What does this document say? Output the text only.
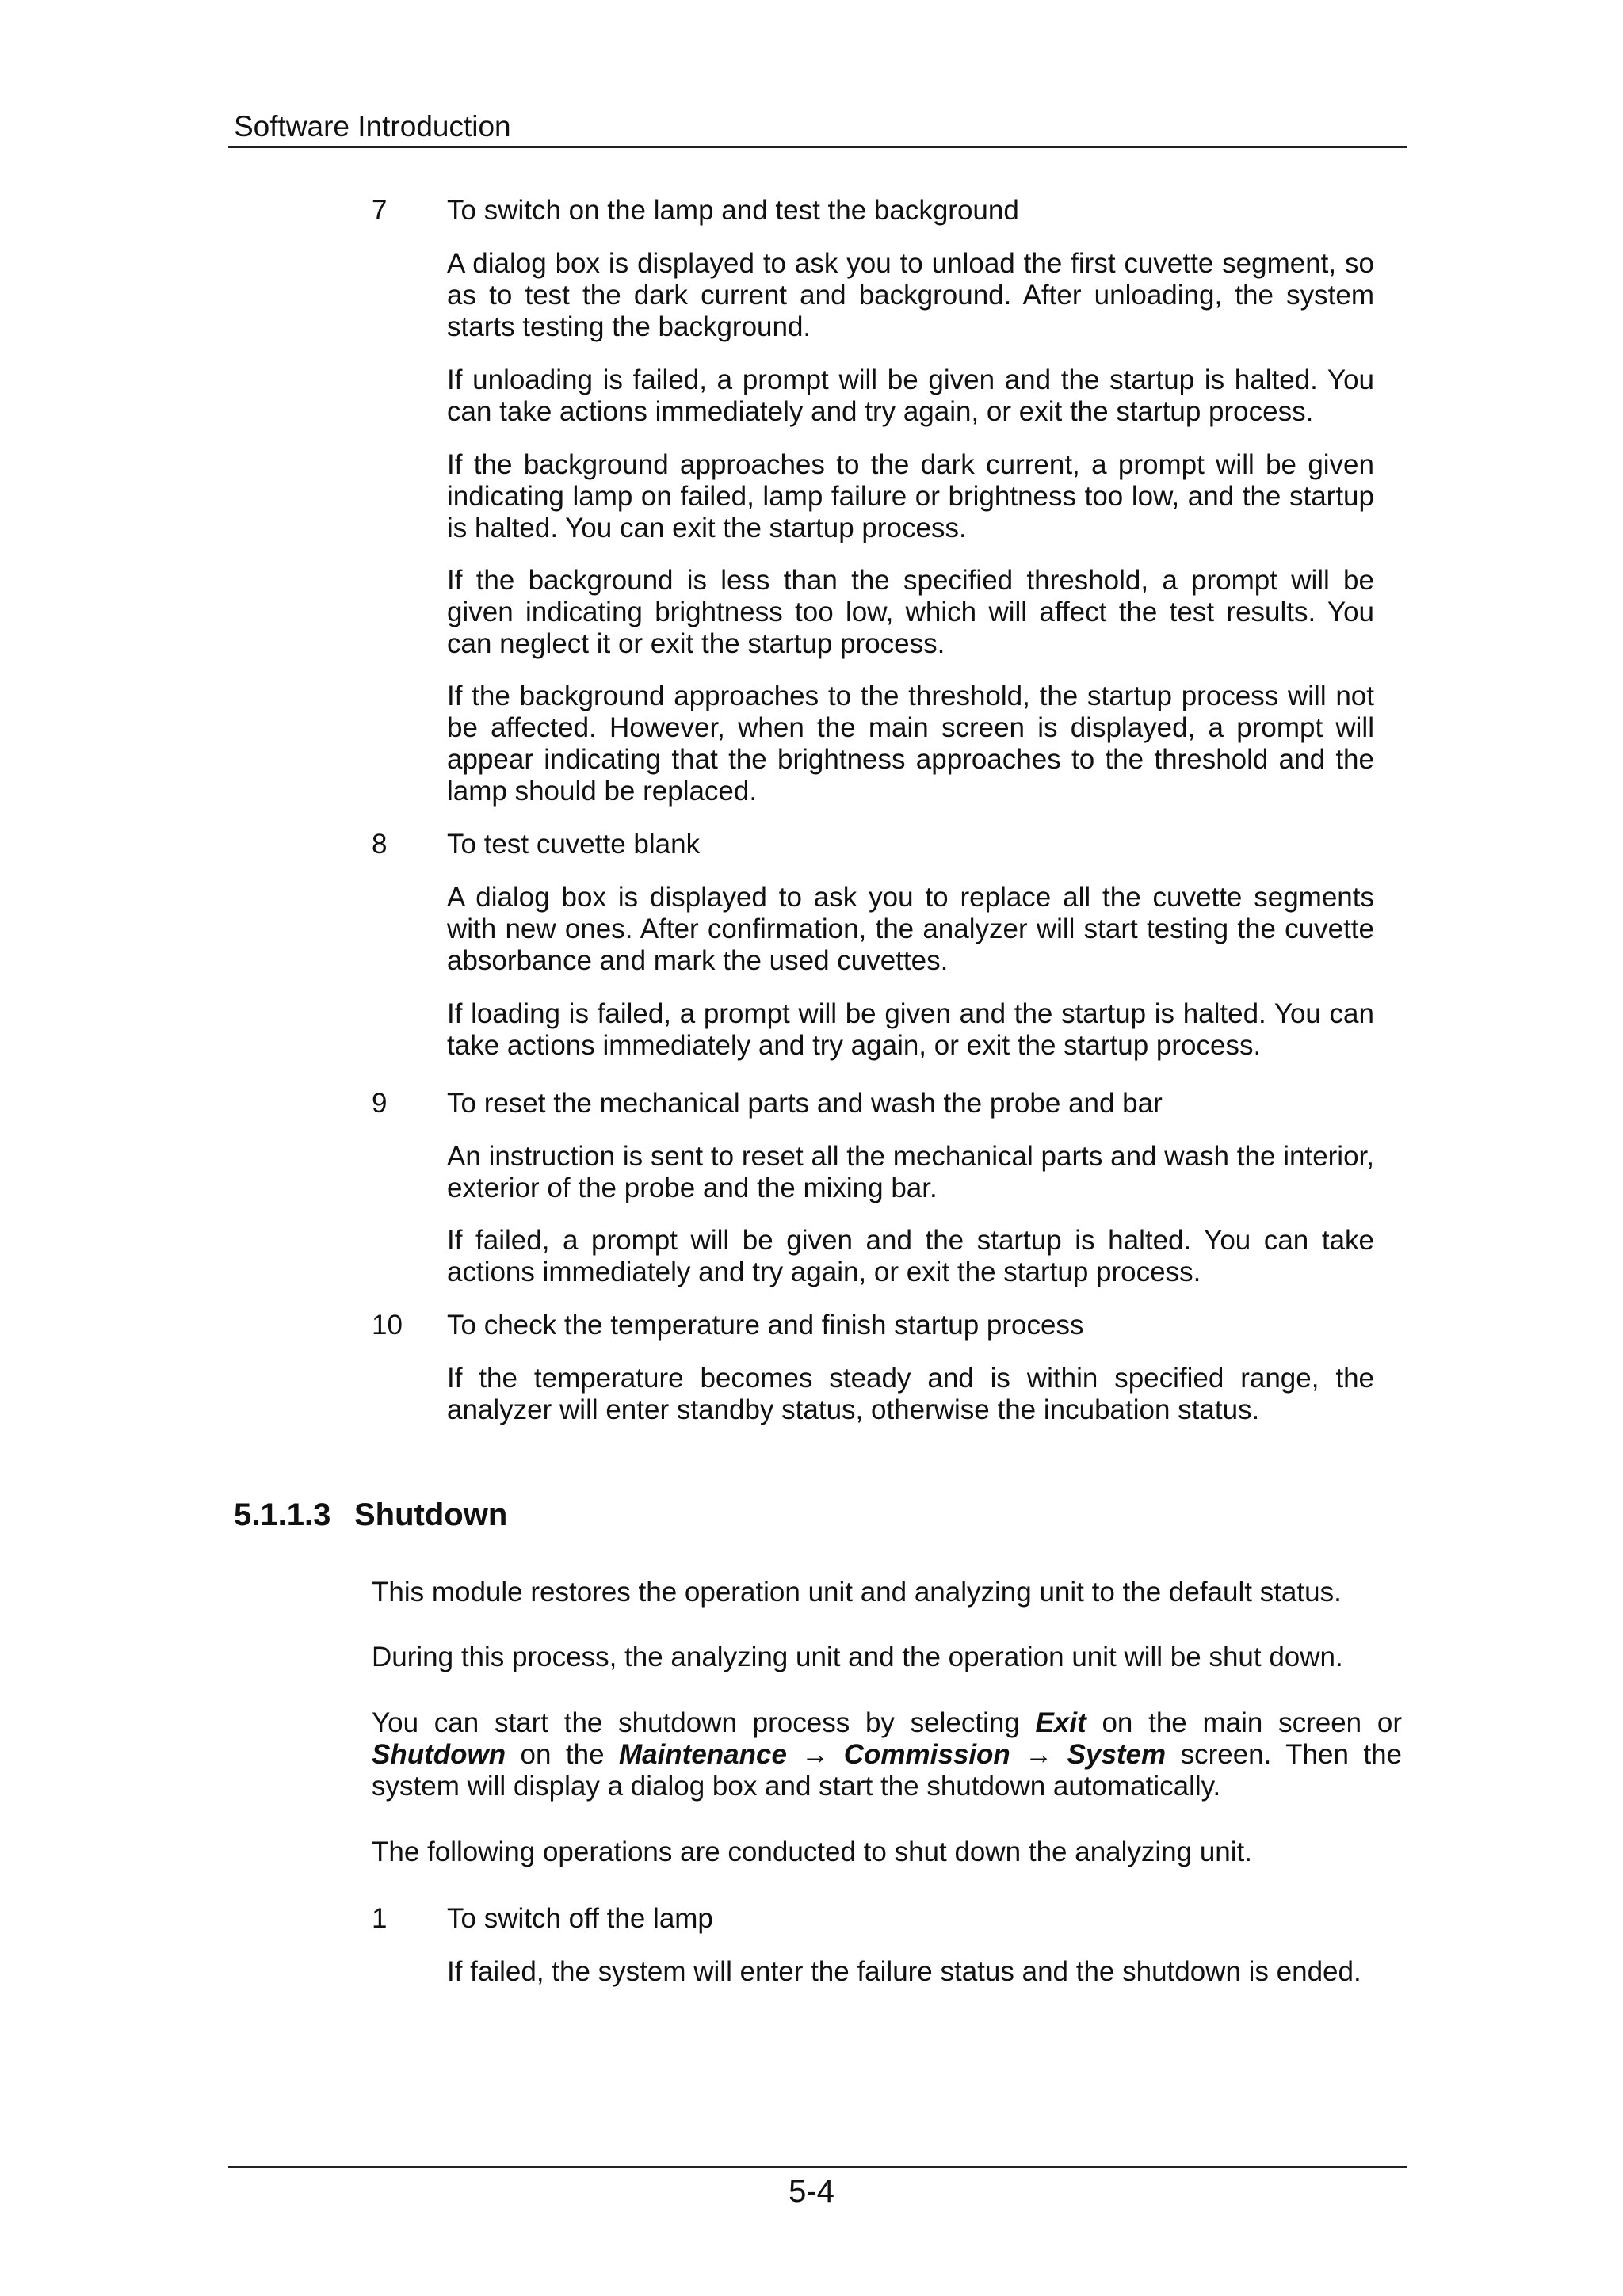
Software Introduction
7 To switch on the lamp and test the background

A dialog box is displayed to ask you to unload the first cuvette segment, so as to test the dark current and background. After unloading, the system starts testing the background.

If unloading is failed, a prompt will be given and the startup is halted. You can take actions immediately and try again, or exit the startup process.

If the background approaches to the dark current, a prompt will be given indicating lamp on failed, lamp failure or brightness too low, and the startup is halted. You can exit the startup process.

If the background is less than the specified threshold, a prompt will be given indicating brightness too low, which will affect the test results. You can neglect it or exit the startup process.

If the background approaches to the threshold, the startup process will not be affected. However, when the main screen is displayed, a prompt will appear indicating that the brightness approaches to the threshold and the lamp should be replaced.

8 To test cuvette blank

A dialog box is displayed to ask you to replace all the cuvette segments with new ones. After confirmation, the analyzer will start testing the cuvette absorbance and mark the used cuvettes.

If loading is failed, a prompt will be given and the startup is halted. You can take actions immediately and try again, or exit the startup process.

9 To reset the mechanical parts and wash the probe and bar

An instruction is sent to reset all the mechanical parts and wash the interior, exterior of the probe and the mixing bar.

If failed, a prompt will be given and the startup is halted. You can take actions immediately and try again, or exit the startup process.

10 To check the temperature and finish startup process

If the temperature becomes steady and is within specified range, the analyzer will enter standby status, otherwise the incubation status.

5.1.1.3 Shutdown

This module restores the operation unit and analyzing unit to the default status.

During this process, the analyzing unit and the operation unit will be shut down.

You can start the shutdown process by selecting Exit on the main screen or Shutdown on the Maintenance → Commission → System screen. Then the system will display a dialog box and start the shutdown automatically.

The following operations are conducted to shut down the analyzing unit.

1 To switch off the lamp

If failed, the system will enter the failure status and the shutdown is ended.

5-4
